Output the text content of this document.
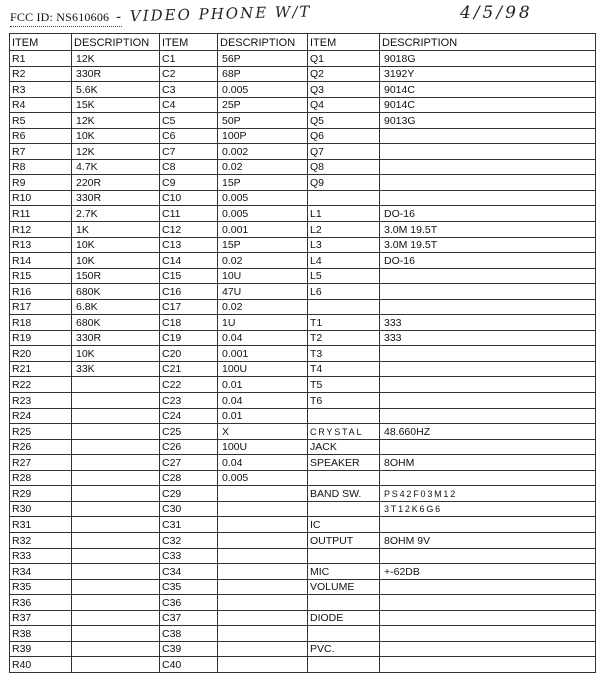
FCC ID: NS610606 - VIDEO PHONE W/T	4/5/98
ITEM	DESCRIPTION	ITEM	DESCRIPTION	ITEM	DESCRIPTION
R1	12K	C1	56P	Q1	9018G
R2	330R	C2	68P	Q2	3192Y
R3	5.6K	C3	0.005	Q3	9014C
R4	15K	C4	25P	Q4	9014C
R5	12K	C5	50P	Q5	9013G
R6	10K	C6	100P	Q6	
R7	12K	C7	0.002	Q7	
R8	4.7K	C8	0.02	Q8	
R9	220R	C9	15P	Q9	
R10	330R	C10	0.005		
R11	2.7K	C11	0.005	L1	DO-16
R12	1K	C12	0.001	L2	3.0M 19.5T
R13	10K	C13	15P	L3	3.0M 19.5T
R14	10K	C14	0.02	L4	DO-16
R15	150R	C15	10U	L5	
R16	680K	C16	47U	L6	
R17	6.8K	C17	0.02		
R18	680K	C18	1U	T1	333
R19	330R	C19	0.04	T2	333
R20	10K	C20	0.001	T3	
R21	33K	C21	100U	T4	
R22		C22	0.01	T5	
R23		C23	0.04	T6	
R24		C24	0.01		
R25		C25	X	CRYSTAL	48.660HZ
R26		C26	100U	JACK	
R27		C27	0.04	SPEAKER	8OHM
R28		C28	0.005		
R29		C29		BAND SW.	PS42F03M12
R30		C30			3T12K6G6
R31		C31		IC	
R32		C32		OUTPUT	8OHM 9V
R33		C33			
R34		C34		MIC	+-62DB
R35		C35		VOLUME	
R36		C36			
R37		C37		DIODE	
R38		C38			
R39		C39		PVC.	
R40		C40			
